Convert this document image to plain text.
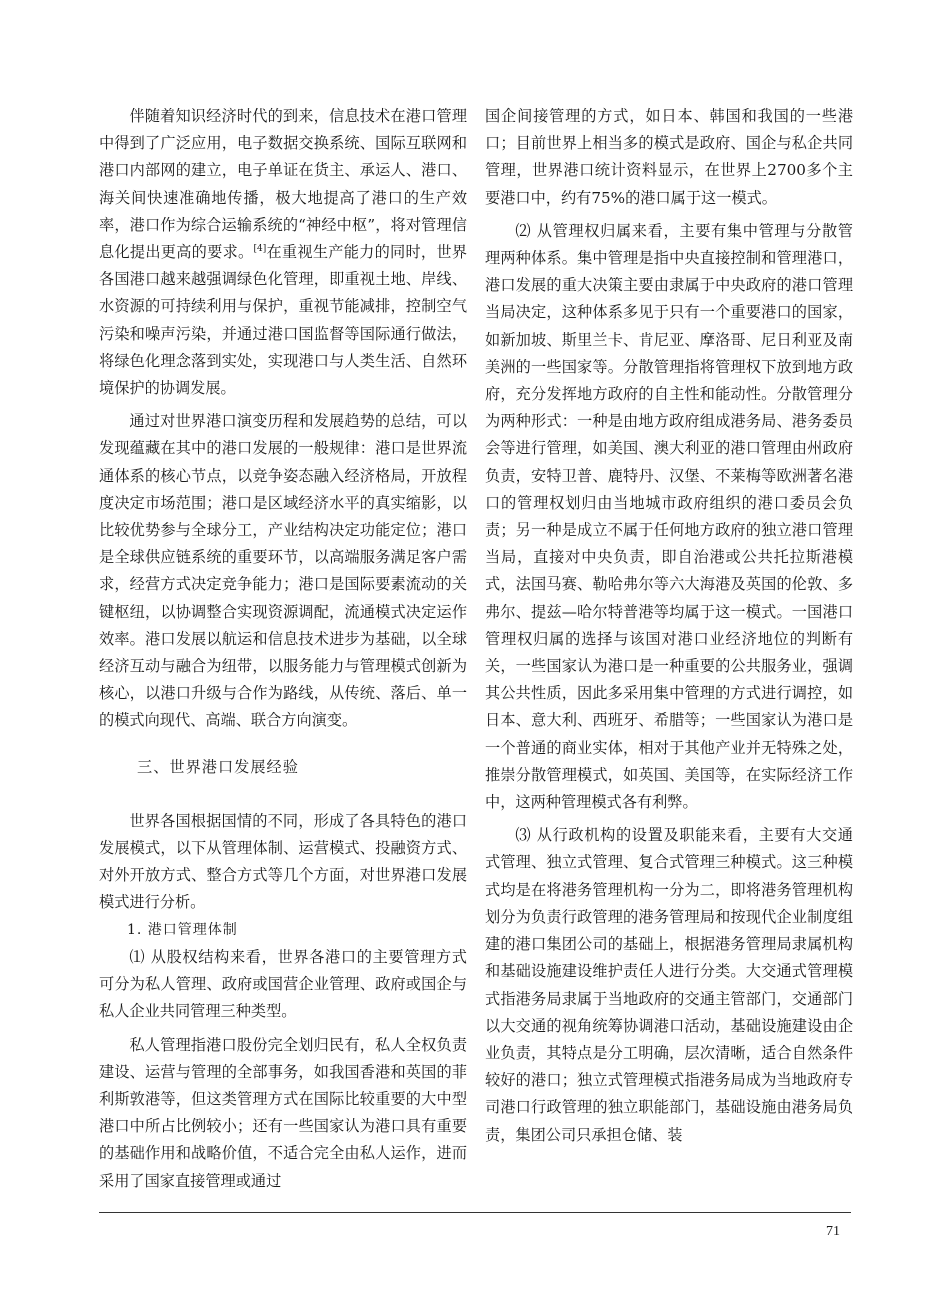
伴随着知识经济时代的到来，信息技术在港口管理中得到了广泛应用，电子数据交换系统、国际互联网和港口内部网的建立，电子单证在货主、承运人、港口、海关间快速准确地传播，极大地提高了港口的生产效率，港口作为综合运输系统的“神经中枢”，将对管理信息化提出更高的要求。[4]在重视生产能力的同时，世界各国港口越来越强调绿色化管理，即重视土地、岸线、水资源的可持续利用与保护，重视节能减排，控制空气污染和噪声污染，并通过港口国监督等国际通行做法，将绿色化理念落到实处，实现港口与人类生活、自然环境保护的协调发展。

通过对世界港口演变历程和发展趋势的总结，可以发现蕴藏在其中的港口发展的一般规律：港口是世界流通体系的核心节点，以竞争姿态融入经济格局，开放程度决定市场范围；港口是区域经济水平的真实缩影，以比较优势参与全球分工，产业结构决定功能定位；港口是全球供应链系统的重要环节，以高端服务满足客户需求，经营方式决定竞争能力；港口是国际要素流动的关键枢纽，以协调整合实现资源调配，流通模式决定运作效率。港口发展以航运和信息技术进步为基础，以全球经济互动与融合为纽带，以服务能力与管理模式创新为核心，以港口升级与合作为路线，从传统、落后、单一的模式向现代、高端、联合方向演变。

三、世界港口发展经验

世界各国根据国情的不同，形成了各具特色的港口发展模式，以下从管理体制、运营模式、投融资方式、对外开放方式、整合方式等几个方面，对世界港口发展模式进行分析。

1. 港口管理体制

⑴ 从股权结构来看，世界各港口的主要管理方式可分为私人管理、政府或国营企业管理、政府或国企与私人企业共同管理三种类型。

私人管理指港口股份完全划归民有，私人全权负责建设、运营与管理的全部事务，如我国香港和英国的菲利斯敦港等，但这类管理方式在国际比较重要的大中型港口中所占比例较小；还有一些国家认为港口具有重要的基础作用和战略价值，不适合完全由私人运作，进而采用了国家直接管理或通过

国企间接管理的方式，如日本、韩国和我国的一些港口；目前世界上相当多的模式是政府、国企与私企共同管理，世界港口统计资料显示，在世界上2700多个主要港口中，约有75%的港口属于这一模式。

⑵ 从管理权归属来看，主要有集中管理与分散管理两种体系。集中管理是指中央直接控制和管理港口，港口发展的重大决策主要由隶属于中央政府的港口管理当局决定，这种体系多见于只有一个重要港口的国家，如新加坡、斯里兰卡、肯尼亚、摩洛哥、尼日利亚及南美洲的一些国家等。分散管理指将管理权下放到地方政府，充分发挥地方政府的自主性和能动性。分散管理分为两种形式：一种是由地方政府组成港务局、港务委员会等进行管理，如美国、澳大利亚的港口管理由州政府负责，安特卫普、鹿特丹、汉堡、不莱梅等欧洲著名港口的管理权划归由当地城市政府组织的港口委员会负责；另一种是成立不属于任何地方政府的独立港口管理当局，直接对中央负责，即自治港或公共托拉斯港模式，法国马赛、勒哈弗尔等六大海港及英国的伦敦、多弗尔、提兹—哈尔特普港等均属于这一模式。一国港口管理权归属的选择与该国对港口业经济地位的判断有关，一些国家认为港口是一种重要的公共服务业，强调其公共性质，因此多采用集中管理的方式进行调控，如日本、意大利、西班牙、希腊等；一些国家认为港口是一个普通的商业实体，相对于其他产业并无特殊之处，推崇分散管理模式，如英国、美国等，在实际经济工作中，这两种管理模式各有利弊。

⑶ 从行政机构的设置及职能来看，主要有大交通式管理、独立式管理、复合式管理三种模式。这三种模式均是在将港务管理机构一分为二，即将港务管理机构划分为负责行政管理的港务管理局和按现代企业制度组建的港口集团公司的基础上，根据港务管理局隶属机构和基础设施建设维护责任人进行分类。大交通式管理模式指港务局隶属于当地政府的交通主管部门，交通部门以大交通的视角统筹协调港口活动，基础设施建设由企业负责，其特点是分工明确，层次清晰，适合自然条件较好的港口；独立式管理模式指港务局成为当地政府专司港口行政管理的独立职能部门，基础设施由港务局负责，集团公司只承担仓储、装

71
